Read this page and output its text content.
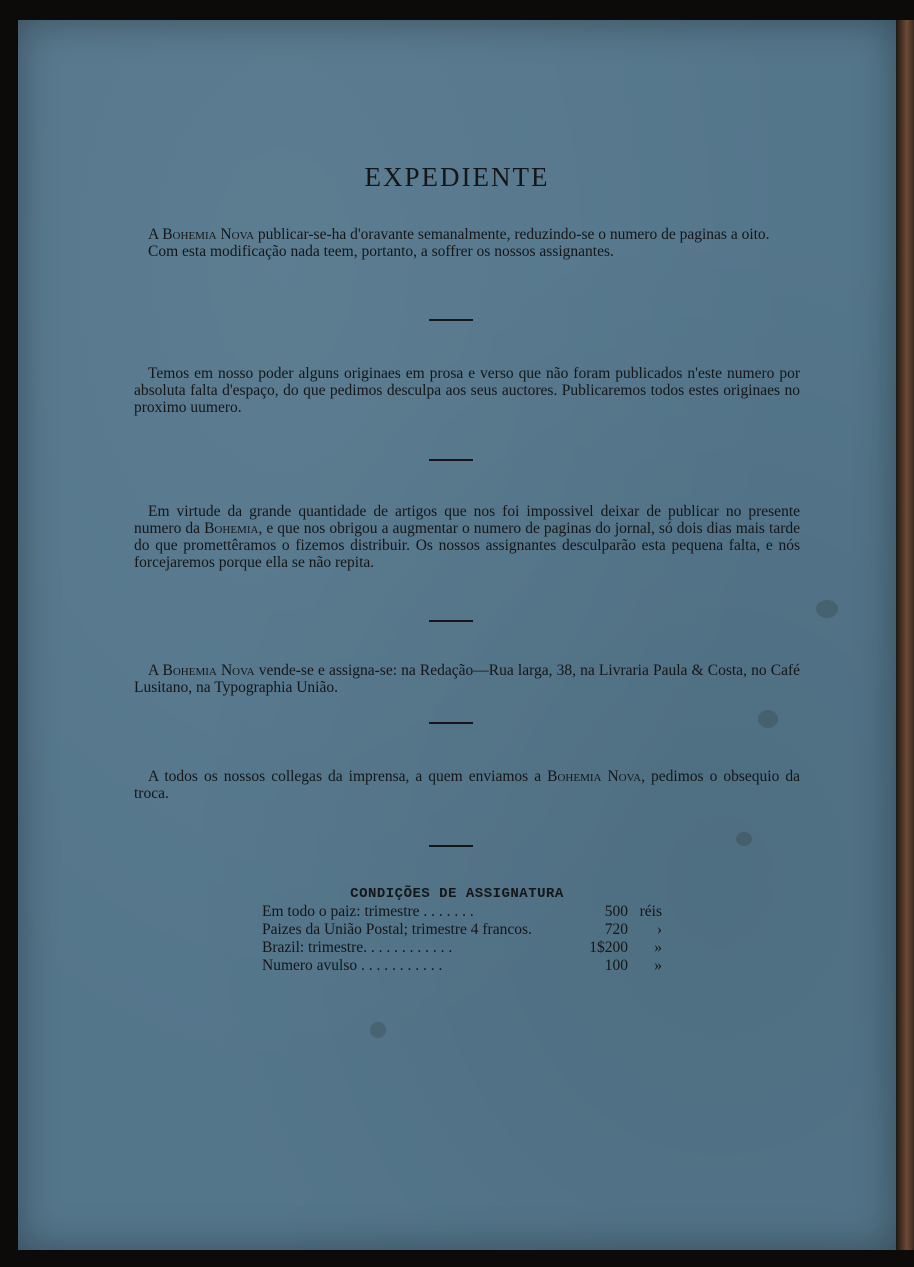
EXPEDIENTE

A Bohemia Nova publicar-se-ha d'oravante semanalmente, reduzindo-se o numero de paginas a oito.

Com esta modificação nada teem, portanto, a soffrer os nossos assignantes.

Temos em nosso poder alguns originaes em prosa e verso que não foram publicados n'este numero por absoluta falta d'espaço, do que pedimos desculpa aos seus auctores. Publicaremos todos estes originaes no proximo uumero.

Em virtude da grande quantidade de artigos que nos foi impossivel deixar de publicar no presente numero da Bohemia, e que nos obrigou a augmentar o numero de paginas do jornal, só dois dias mais tarde do que promettêramos o fizemos distribuir. Os nossos assignantes desculparão esta pequena falta, e nós forcejaremos porque ella se não repita.

A Bohemia Nova vende-se e assigna-se: na Redação—Rua larga, 38, na Livraria Paula & Costa, no Café Lusitano, na Typographia União.

A todos os nossos collegas da imprensa, a quem enviamos a Bohemia Nova, pedimos o obsequio da troca.

CONDIÇÕES DE ASSIGNATURA
Em todo o paiz: trimestre . . . . . . .	500	réis
Paizes da União Postal; trimestre 4 francos.	720	›
Brazil: trimestre. . . . . . . . . . . .	1$200	»
Numero avulso . . . . . . . . . . .	100	»
